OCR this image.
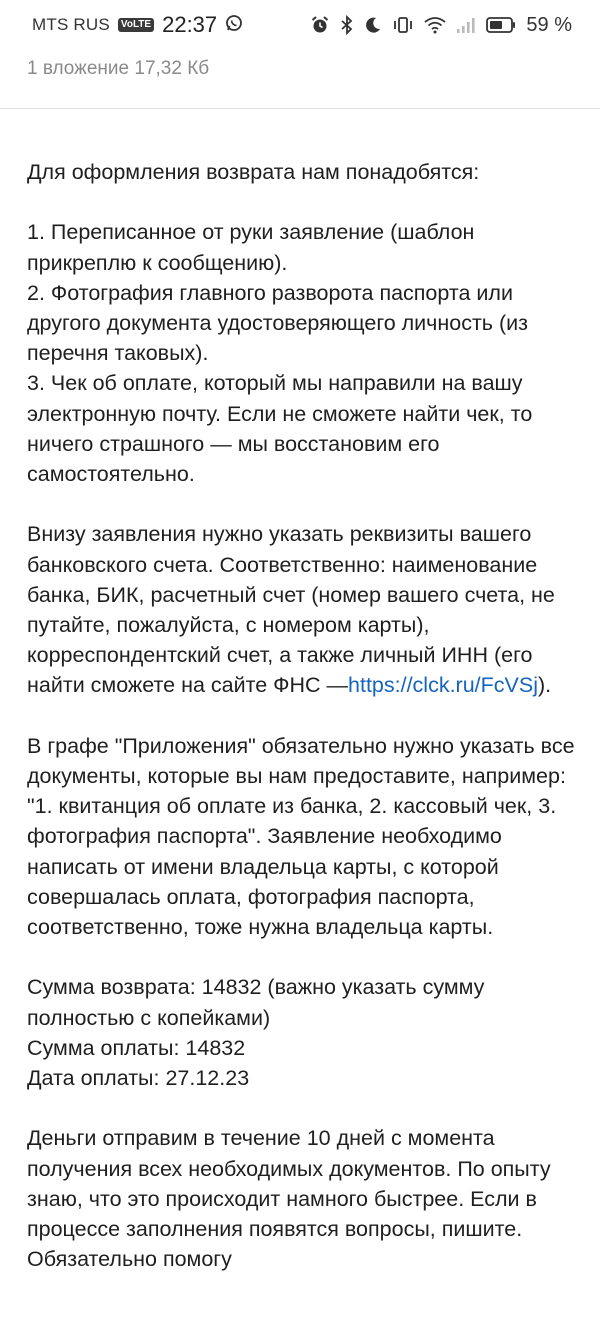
MTS RUS	VoLTE 22:37	59 %
1 вложение 17,32 Кб

Для оформления возврата нам понадобятся:

1. Переписанное от руки заявление (шаблон прикреплю к сообщению).
2. Фотография главного разворота паспорта или другого документа удостоверяющего личность (из перечня таковых).

3. Чек об оплате, который мы направили на вашу электронную почту. Если не сможете найти чек, то ничего страшного — мы восстановим его самостоятельно.

Внизу заявления нужно указать реквизиты вашего банковского счета. Соответственно: наименование банка, БИК, расчетный счет (номер вашего счета, не путайте, пожалуйста, с номером карты), корреспондентский счет, а также личный ИНН (его найти сможете на сайте ФНС —https://clck.ru/FcVSj).

В графе "Приложения" обязательно нужно указать все документы, которые вы нам предоставите, например: "1. квитанция об оплате из банка, 2. кассовый чек, 3. фотография паспорта". Заявление необходимо написать от имени владельца карты, с которой совершалась оплата, фотография паспорта, соответственно, тоже нужна владельца карты.

Сумма возврата: 14832 (важно указать сумму полностью с копейками)
Сумма оплаты: 14832

Дата оплаты: 27.12.23

Деньги отправим в течение 10 дней с момента получения всех необходимых документов. По опыту знаю, что это происходит намного быстрее. Если в процессе заполнения появятся вопросы, пишите. Обязательно помогу
